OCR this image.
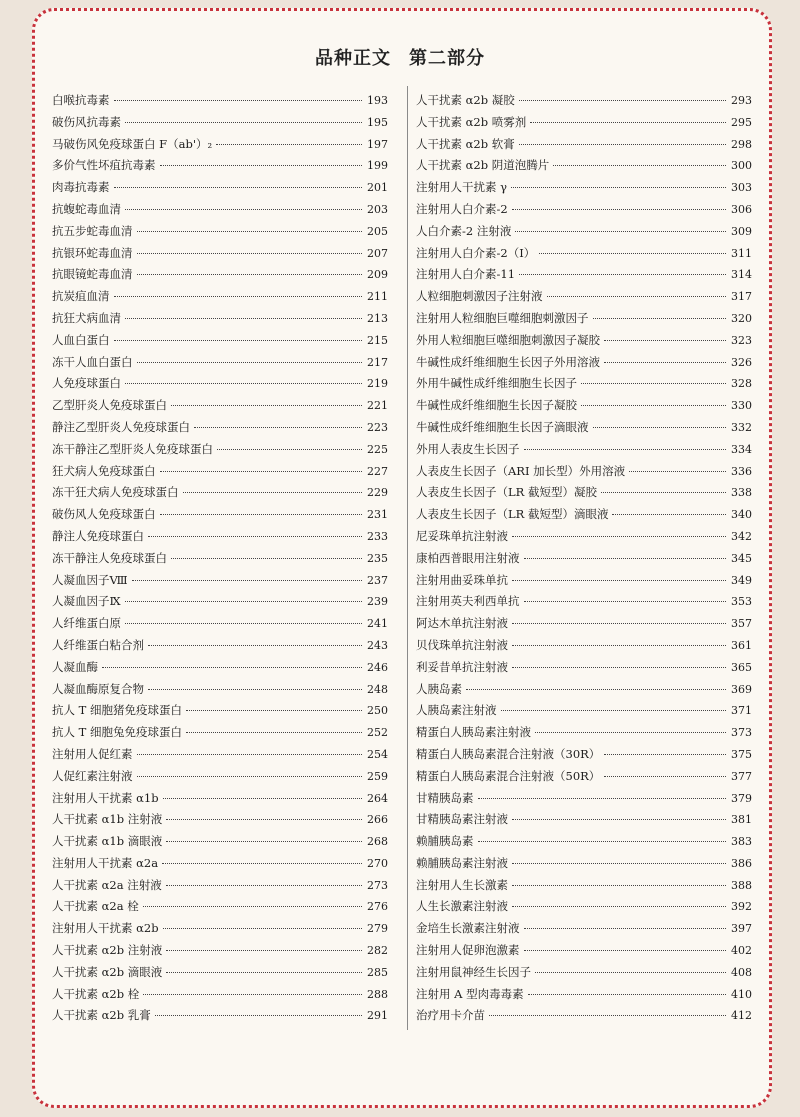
品种正文 第二部分
白喉抗毒素	193
破伤风抗毒素	195
马破伤风免疫球蛋白 F（ab'）₂	197
多价气性坏疽抗毒素	199
肉毒抗毒素	201
抗蝮蛇毒血清	203
抗五步蛇毒血清	205
抗银环蛇毒血清	207
抗眼镜蛇毒血清	209
抗炭疽血清	211
抗狂犬病血清	213
人血白蛋白	215
冻干人血白蛋白	217
人免疫球蛋白	219
乙型肝炎人免疫球蛋白	221
静注乙型肝炎人免疫球蛋白	223
冻干静注乙型肝炎人免疫球蛋白	225
狂犬病人免疫球蛋白	227
冻干狂犬病人免疫球蛋白	229
破伤风人免疫球蛋白	231
静注人免疫球蛋白	233
冻干静注人免疫球蛋白	235
人凝血因子Ⅷ	237
人凝血因子Ⅸ	239
人纤维蛋白原	241
人纤维蛋白粘合剂	243
人凝血酶	246
人凝血酶原复合物	248
抗人 T 细胞猪免疫球蛋白	250
抗人 T 细胞兔免疫球蛋白	252
注射用人促红素	254
人促红素注射液	259
注射用人干扰素 α1b	264
人干扰素 α1b 注射液	266
人干扰素 α1b 滴眼液	268
注射用人干扰素 α2a	270
人干扰素 α2a 注射液	273
人干扰素 α2a 栓	276
注射用人干扰素 α2b	279
人干扰素 α2b 注射液	282
人干扰素 α2b 滴眼液	285
人干扰素 α2b 栓	288
人干扰素 α2b 乳膏	291
人干扰素 α2b 凝胶	293
人干扰素 α2b 喷雾剂	295
人干扰素 α2b 软膏	298
人干扰素 α2b 阴道泡腾片	300
注射用人干扰素 γ	303
注射用人白介素-2	306
人白介素-2 注射液	309
注射用人白介素-2（Ⅰ）	311
注射用人白介素-11	314
人粒细胞刺激因子注射液	317
注射用人粒细胞巨噬细胞刺激因子	320
外用人粒细胞巨噬细胞刺激因子凝胶	323
牛碱性成纤维细胞生长因子外用溶液	326
外用牛碱性成纤维细胞生长因子	328
牛碱性成纤维细胞生长因子凝胶	330
牛碱性成纤维细胞生长因子滴眼液	332
外用人表皮生长因子	334
人表皮生长因子（ARI 加长型）外用溶液	336
人表皮生长因子（LR 截短型）凝胶	338
人表皮生长因子（LR 截短型）滴眼液	340
尼妥珠单抗注射液	342
康柏西普眼用注射液	345
注射用曲妥珠单抗	349
注射用英夫利西单抗	353
阿达木单抗注射液	357
贝伐珠单抗注射液	361
利妥昔单抗注射液	365
人胰岛素	369
人胰岛素注射液	371
精蛋白人胰岛素注射液	373
精蛋白人胰岛素混合注射液（30R）	375
精蛋白人胰岛素混合注射液（50R）	377
甘精胰岛素	379
甘精胰岛素注射液	381
赖脯胰岛素	383
赖脯胰岛素注射液	386
注射用人生长激素	388
人生长激素注射液	392
金培生长激素注射液	397
注射用人促卵泡激素	402
注射用鼠神经生长因子	408
注射用 A 型肉毒毒素	410
治疗用卡介苗	412
